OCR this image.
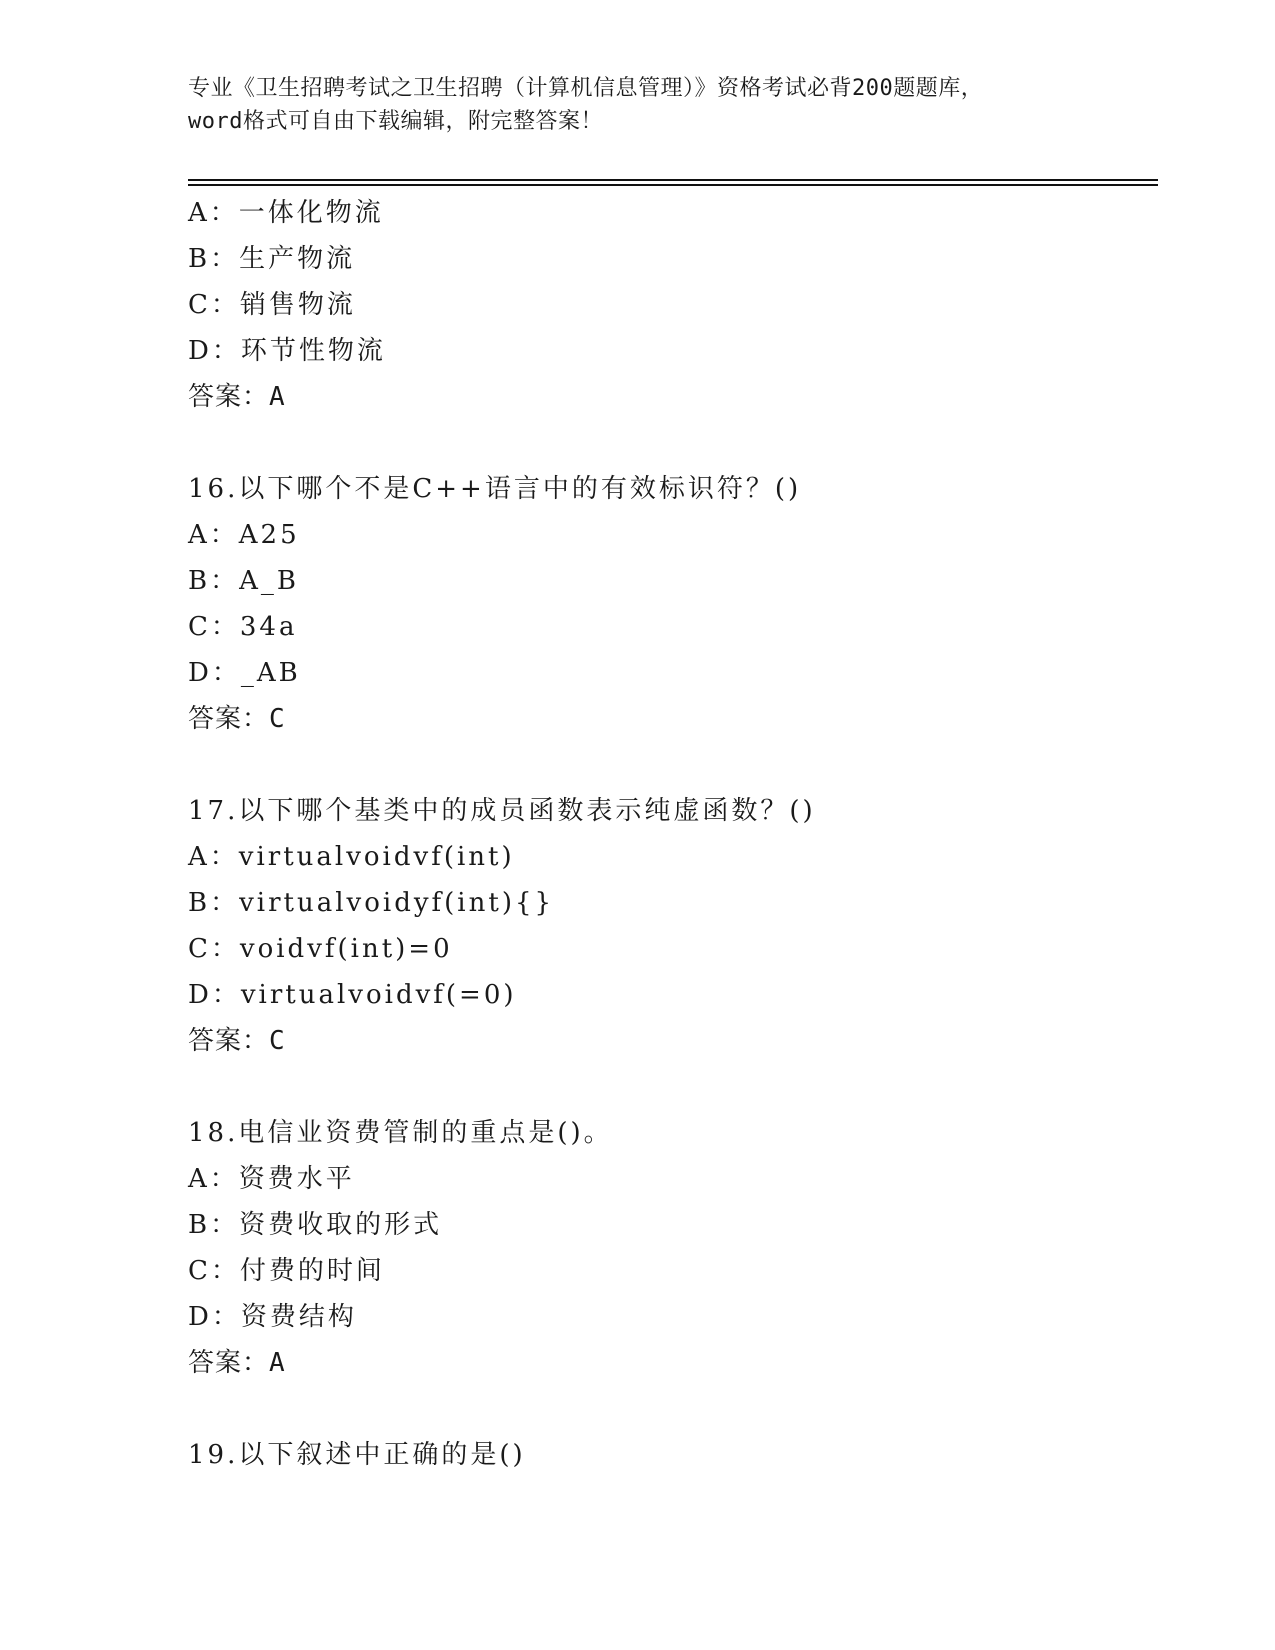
专业《卫生招聘考试之卫生招聘（计算机信息管理）》资格考试必背200题题库，
word格式可自由下载编辑，附完整答案！
A：一体化物流
B：生产物流
C：销售物流
D：环节性物流
答案：A
16.以下哪个不是C++语言中的有效标识符？()
A：A25
B：A_B
C：34a
D：_AB
答案：C
17.以下哪个基类中的成员函数表示纯虚函数？()
A：virtualvoidvf(int)
B：virtualvoidyf(int){}
C：voidvf(int)=0
D：virtualvoidvf(=0)
答案：C
18.电信业资费管制的重点是()。
A：资费水平
B：资费收取的形式
C：付费的时间
D：资费结构
答案：A
19.以下叙述中正确的是()
